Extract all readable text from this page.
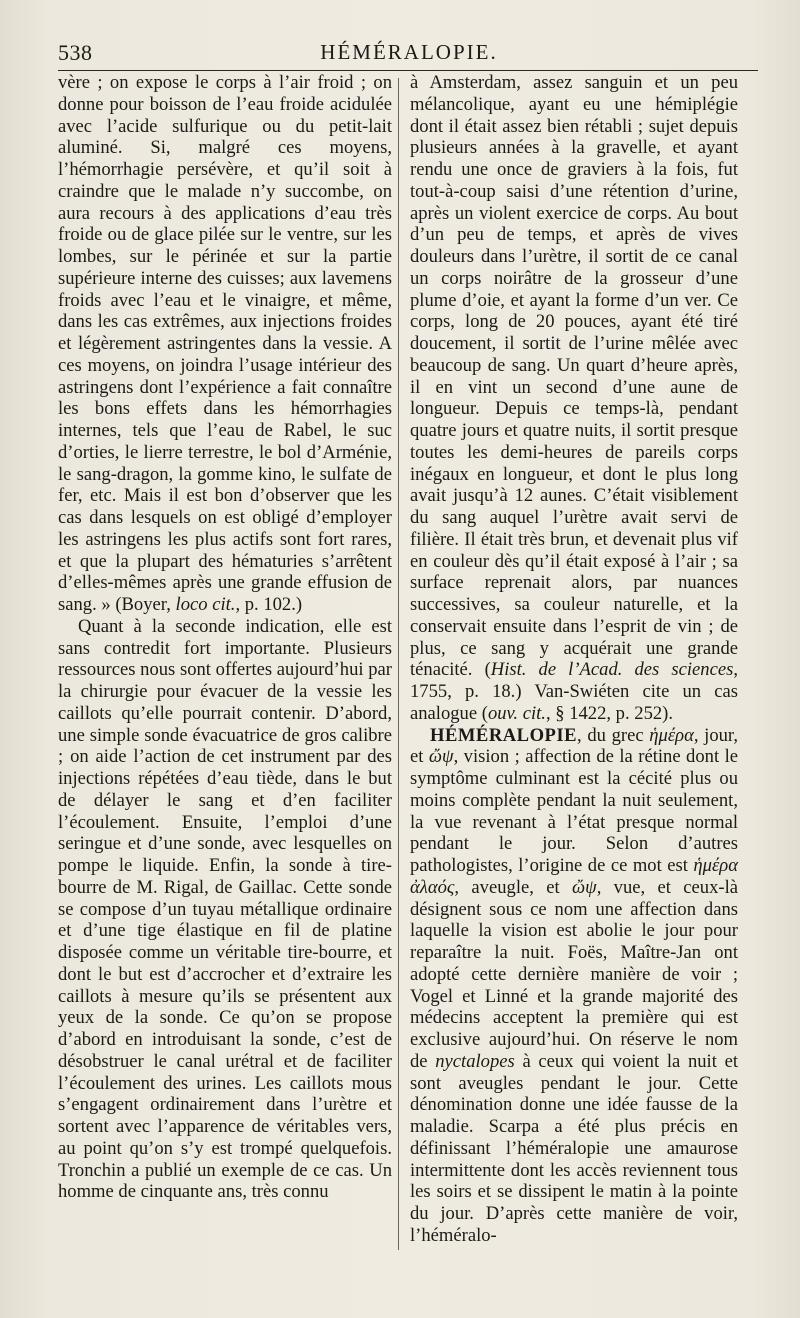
538	HÉMÉRALOPIE.

vère ; on expose le corps à l’air froid ; on donne pour boisson de l’eau froide acidulée avec l’acide sulfurique ou du petit-lait aluminé. Si, malgré ces moyens, l’hémorrhagie persévère, et qu’il soit à craindre que le malade n’y succombe, on aura recours à des applications d’eau très froide ou de glace pilée sur le ventre, sur les lombes, sur le périnée et sur la partie supérieure interne des cuisses; aux lavemens froids avec l’eau et le vinaigre, et même, dans les cas extrêmes, aux injections froides et légèrement astringentes dans la vessie. A ces moyens, on joindra l’usage intérieur des astringens dont l’expérience a fait connaître les bons effets dans les hémorrhagies internes, tels que l’eau de Rabel, le suc d’orties, le lierre terrestre, le bol d’Arménie, le sang-dragon, la gomme kino, le sulfate de fer, etc. Mais il est bon d’observer que les cas dans lesquels on est obligé d’employer les astringens les plus actifs sont fort rares, et que la plupart des hématuries s’arrêtent d’elles-mêmes après une grande effusion de sang. » (Boyer, loco cit., p. 102.)

Quant à la seconde indication, elle est sans contredit fort importante. Plusieurs ressources nous sont offertes aujourd’hui par la chirurgie pour évacuer de la vessie les caillots qu’elle pourrait contenir. D’abord, une simple sonde évacuatrice de gros calibre ; on aide l’action de cet instrument par des injections répétées d’eau tiède, dans le but de délayer le sang et d’en faciliter l’écoulement. Ensuite, l’emploi d’une seringue et d’une sonde, avec lesquelles on pompe le liquide. Enfin, la sonde à tire-bourre de M. Rigal, de Gaillac. Cette sonde se compose d’un tuyau métallique ordinaire et d’une tige élastique en fil de platine disposée comme un véritable tire-bourre, et dont le but est d’accrocher et d’extraire les caillots à mesure qu’ils se présentent aux yeux de la sonde. Ce qu’on se propose d’abord en introduisant la sonde, c’est de désobstruer le canal urétral et de faciliter l’écoulement des urines. Les caillots mous s’engagent ordinairement dans l’urètre et sortent avec l’apparence de véritables vers, au point qu’on s’y est trompé quelquefois. Tronchin a publié un exemple de ce cas. Un homme de cinquante ans, très connu

à Amsterdam, assez sanguin et un peu mélancolique, ayant eu une hémiplégie dont il était assez bien rétabli ; sujet depuis plusieurs années à la gravelle, et ayant rendu une once de graviers à la fois, fut tout-à-coup saisi d’une rétention d’urine, après un violent exercice de corps. Au bout d’un peu de temps, et après de vives douleurs dans l’urètre, il sortit de ce canal un corps noirâtre de la grosseur d’une plume d’oie, et ayant la forme d’un ver. Ce corps, long de 20 pouces, ayant été tiré doucement, il sortit de l’urine mêlée avec beaucoup de sang. Un quart d’heure après, il en vint un second d’une aune de longueur. Depuis ce temps-là, pendant quatre jours et quatre nuits, il sortit presque toutes les demi-heures de pareils corps inégaux en longueur, et dont le plus long avait jusqu’à 12 aunes. C’était visiblement du sang auquel l’urètre avait servi de filière. Il était très brun, et devenait plus vif en couleur dès qu’il était exposé à l’air ; sa surface reprenait alors, par nuances successives, sa couleur naturelle, et la conservait ensuite dans l’esprit de vin ; de plus, ce sang y acquérait une grande ténacité. (Hist. de l’Acad. des sciences, 1755, p. 18.) Van-Swiéten cite un cas analogue (ouv. cit., § 1422, p. 252).

HÉMÉRALOPIE, du grec ἡμέρα, jour, et ὤψ, vision ; affection de la rétine dont le symptôme culminant est la cécité plus ou moins complète pendant la nuit seulement, la vue revenant à l’état presque normal pendant le jour. Selon d’autres pathologistes, l’origine de ce mot est ἡμέρα ἀλαός, aveugle, et ὤψ, vue, et ceux-là désignent sous ce nom une affection dans laquelle la vision est abolie le jour pour reparaître la nuit. Foës, Maître-Jan ont adopté cette dernière manière de voir ; Vogel et Linné et la grande majorité des médecins acceptent la première qui est exclusive aujourd’hui. On réserve le nom de nyctalopes à ceux qui voient la nuit et sont aveugles pendant le jour. Cette dénomination donne une idée fausse de la maladie. Scarpa a été plus précis en définissant l’héméralopie une amaurose intermittente dont les accès reviennent tous les soirs et se dissipent le matin à la pointe du jour. D’après cette manière de voir, l’héméralo-
